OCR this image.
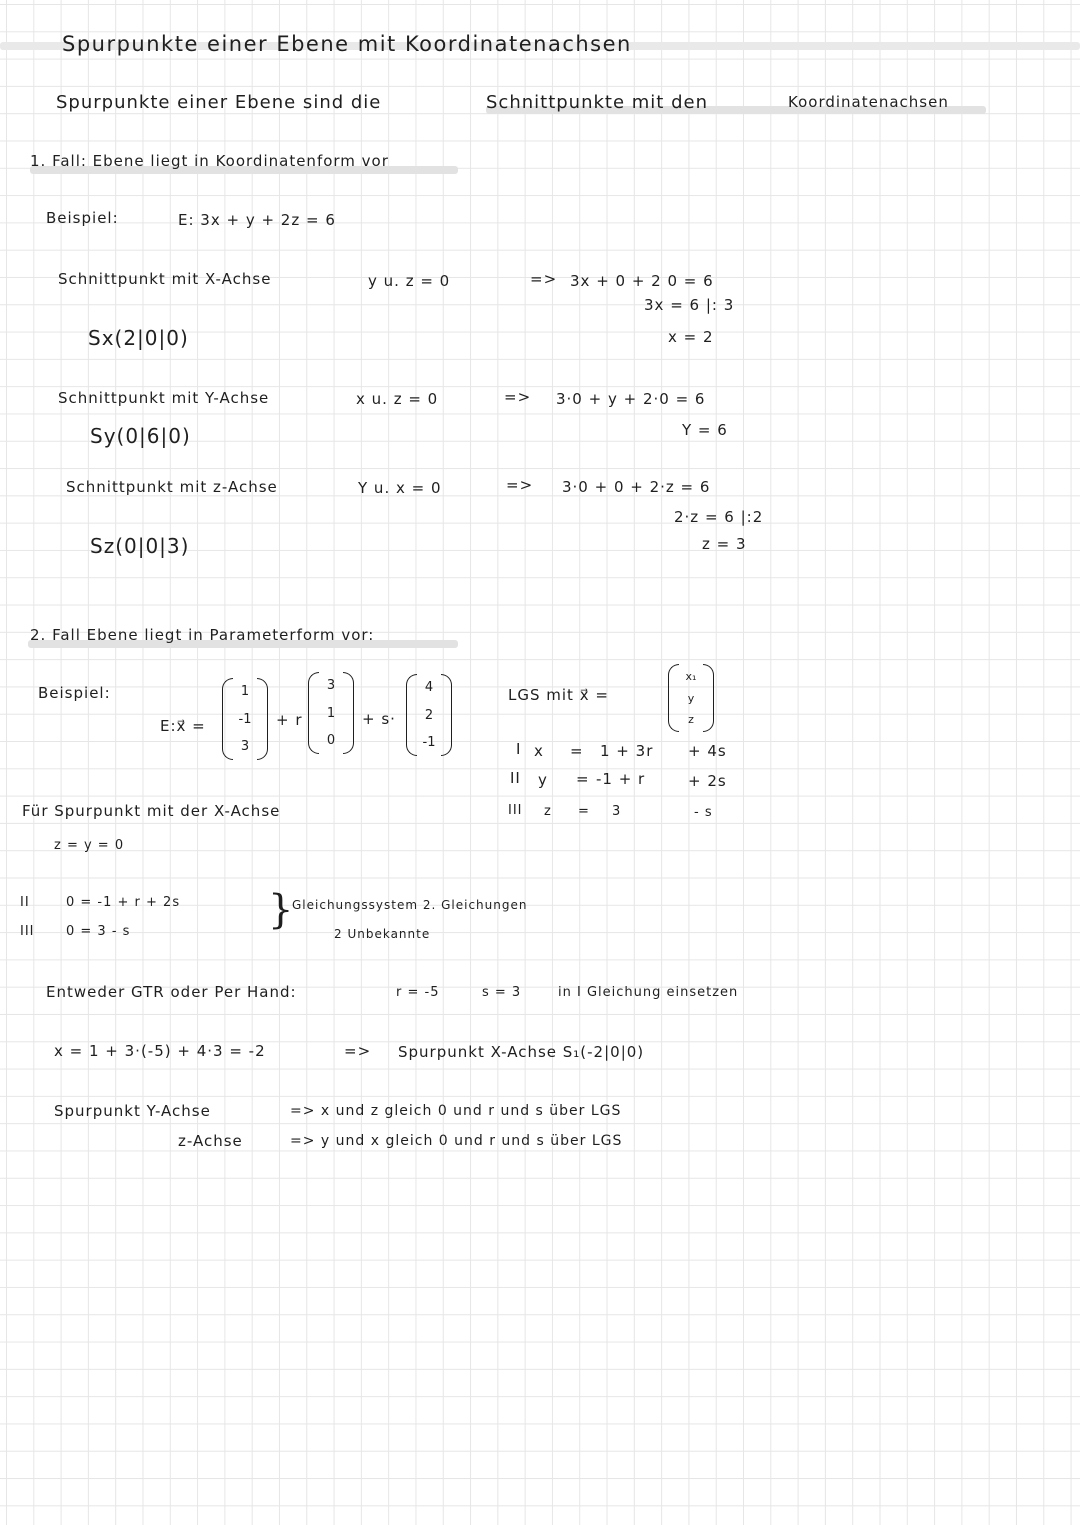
Spurpunkte einer Ebene mit Koordinatenachsen
Spurpunkte einer Ebene sind die	Schnittpunkte mit den	Koordinatenachsen
1. Fall: Ebene liegt in Koordinatenform vor
Beispiel:	E: 3x + y + 2z = 6
Schnittpunkt mit X-Achse	y u. z = 0	=> 3x + 0 + 2 0 = 6
3x = 6 |: 3
x = 2
Sx(2|0|0)
Schnittpunkt mit Y-Achse	x u. z = 0	=> 3·0 + y + 2·0 = 6
Y = 6
Sy(0|6|0)
Schnittpunkt mit z-Achse	Y u. x = 0	=> 3·0 + 0 + 2·z = 6
2·z = 6 |:2
z = 3
Sz(0|0|3)
2. Fall Ebene liegt in Parameterform vor:
Beispiel:
E:x⃗ =
1
-1
3
+ r
3
1
0
+ s·
4
2
-1
LGS mit x⃗ =
x₁
y
z
I x = 1 + 3r + 4s
II y = -1 + r	+ 2s
III z = 3	- s
Für Spurpunkt mit der X-Achse
z = y = 0
II	0 = -1 + r + 2s
III 0 = 3 - s	}
Gleichungssystem 2. Gleichungen
2 Unbekannte
Entweder GTR oder Per Hand:	r = -5	s = 3	in I Gleichung einsetzen
x = 1 + 3·(-5) + 4·3 = -2	=> Spurpunkt X-Achse S₁(-2|0|0)
Spurpunkt Y-Achse	=> x und z gleich 0 und r und s über LGS
z-Achse	=> y und x gleich 0 und r und s über LGS
